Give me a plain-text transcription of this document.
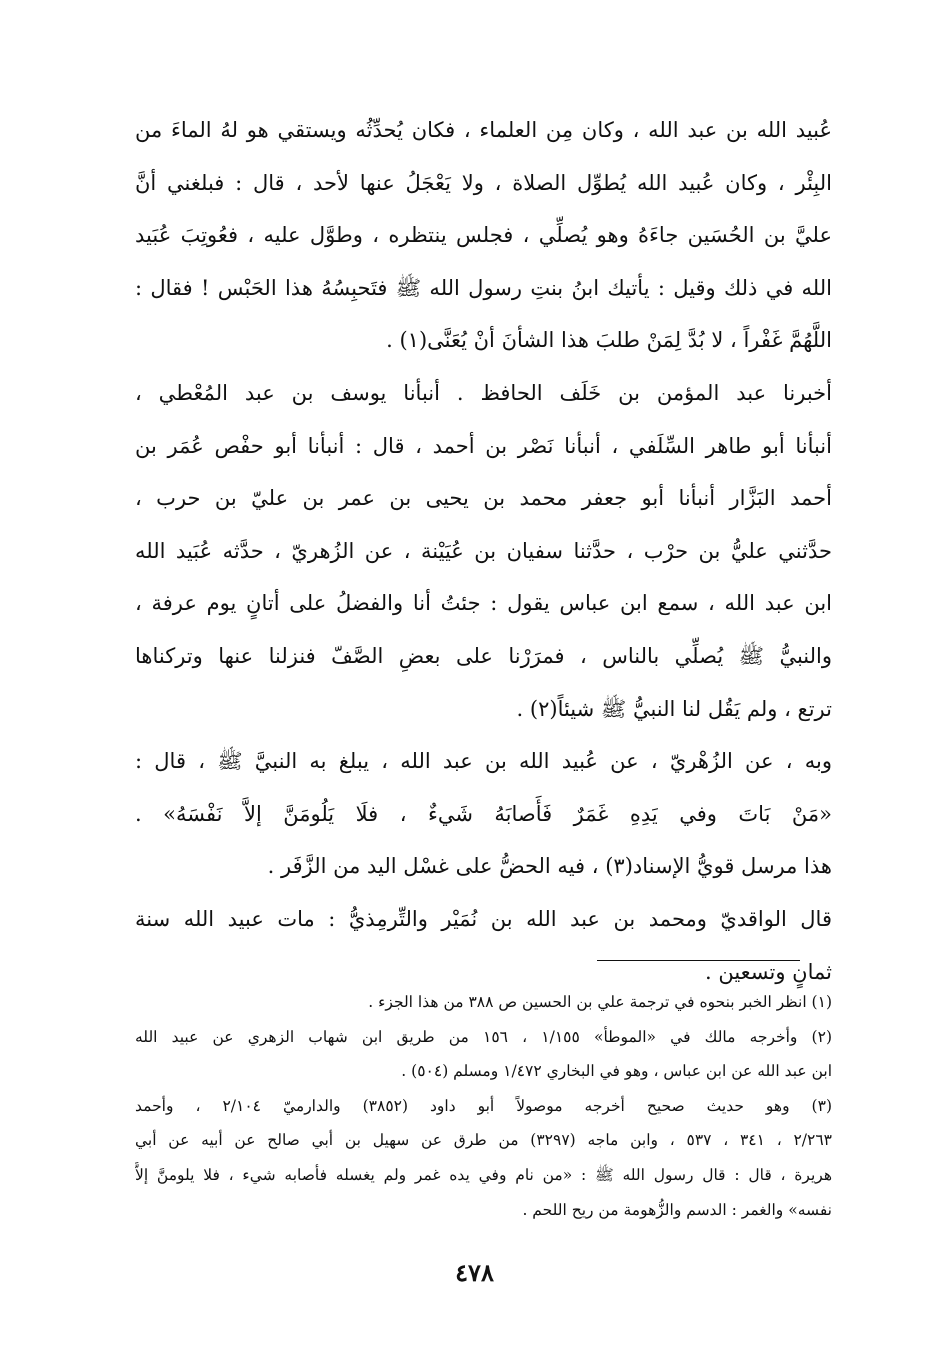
عُبيد الله بن عبد الله ، وكان مِن العلماء ، فكان يُحدِّثُه ويستقي هو لهُ الماءَ من
البِئْر ، وكان عُبيد الله يُطوِّل الصلاة ، ولا يَعْجَلُ عنها لأحد ، قال : فبلغني أنَّ
عليَّ بن الحُسَين جاءَهُ وهو يُصلِّي ، فجلس ينتظره ، وطوَّل عليه ، فعُوتِبَ عُبَيد
الله في ذلك وقيل : يأتيك ابنُ بنتِ رسول الله ﷺ فتَحبِسُهُ هذا الحَبْس ! فقال :
اللَّهُمَّ غَفْراً ، لا بُدَّ لِمَنْ طلبَ هذا الشأنَ أنْ يُعَنَّى(١) .
أخبرنا عبد المؤمن بن خَلَف الحافظ . أنبأنا يوسف بن عبد المُعْطي ،
أنبأنا أبو طاهر السِّلَفي ، أنبأنا نَصْر بن أحمد ، قال : أنبأنا أبو حفْص عُمَر بن
أحمد البَزَّار أنبأنا أبو جعفر محمد بن يحيى بن عمر بن عليّ بن حرب ،
حدَّثني عليُّ بن حرْب ، حدَّثنا سفيان بن عُيَيْنة ، عن الزُهريّ ، حدَّثه عُبَيد الله
ابن عبد الله ، سمع ابن عباس يقول : جئتُ أنا والفضلُ على أتانٍ يوم عرفة ،
والنبيُّ ﷺ يُصلِّي بالناس ، فمرَرْنا على بعضِ الصَّفّ فنزلنا عنها وتركناها
ترتع ، ولم يَقُل لنا النبيُّ ﷺ شيئاً(٢) .
وبه ، عن الزُهْريّ ، عن عُبيد الله بن عبد الله ، يبلغ به النبيَّ ﷺ ، قال :
«مَنْ بَاتَ وفي يَدِهِ غَمَرٌ فَأَصابَهُ شَيءٌ ، فلَا يَلُومَنَّ إلاَّ نَفْسَهُ» .
هذا مرسل قويُّ الإسناد(٣) ، فيه الحضُّ على غسْل اليد من الزَّفَر .
قال الواقديّ ومحمد بن عبد الله بن نُمَيْر والتِّرمِذيُّ : مات عبيد الله سنة
ثمانٍ وتسعين .
(١) انظر الخبر بنحوه في ترجمة علي بن الحسين ص ٣٨٨ من هذا الجزء .
(٢) وأخرجه مالك في «الموطأ» ١/١٥٥ ، ١٥٦ من طريق ابن شهاب الزهري عن عبيد الله
ابن عبد الله عن ابن عباس ، وهو في البخاري ١/٤٧٢ ومسلم (٥٠٤) .
(٣) وهو حديث صحيح أخرجه موصولاً أبو داود (٣٨٥٢) والدارميّ ٢/١٠٤ ، وأحمد
٢/٢٦٣ ، ٣٤١ ، ٥٣٧ ، وابن ماجه (٣٢٩٧) من طرق عن سهيل بن أبي صالح عن أبيه عن أبي
هريرة ، قال : قال رسول الله ﷺ : «من نام وفي يده غمر ولم يغسله فأصابه شيء ، فلا يلومنَّ إلاَّ
نفسه» والغمر : الدسم والزُّهومة من ريح اللحم .
٤٧٨
